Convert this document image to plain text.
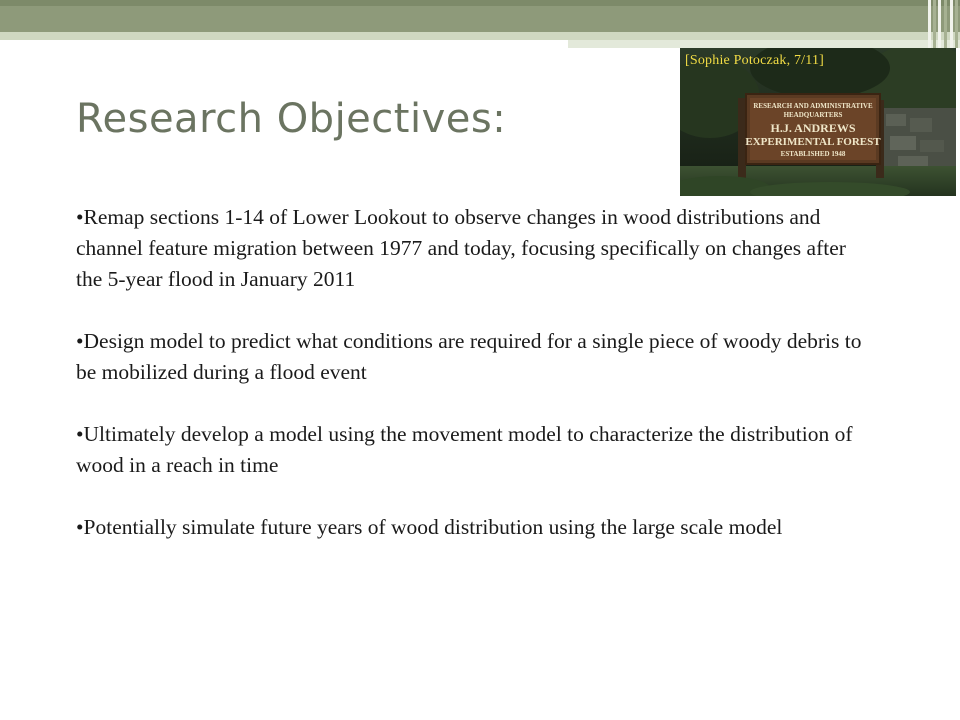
Research Objectives:	RESEARCH AND ADMINISTRATIVE
HEADQUARTERS
H.J. ANDREWS
EXPERIMENTAL FOREST
ESTABLISHED 1948
[Sophie Potoczak, 7/11]
•Remap sections 1-14 of Lower Lookout to observe changes in wood distributions and channel feature migration between 1977 and today, focusing specifically on changes after the 5-year flood in January 2011
•Design model to predict what conditions are required for a single piece of woody debris to be mobilized during a flood event
•Ultimately develop a model using the movement model to characterize the distribution of wood in a reach in time
•Potentially simulate future years of wood distribution using the large scale model
